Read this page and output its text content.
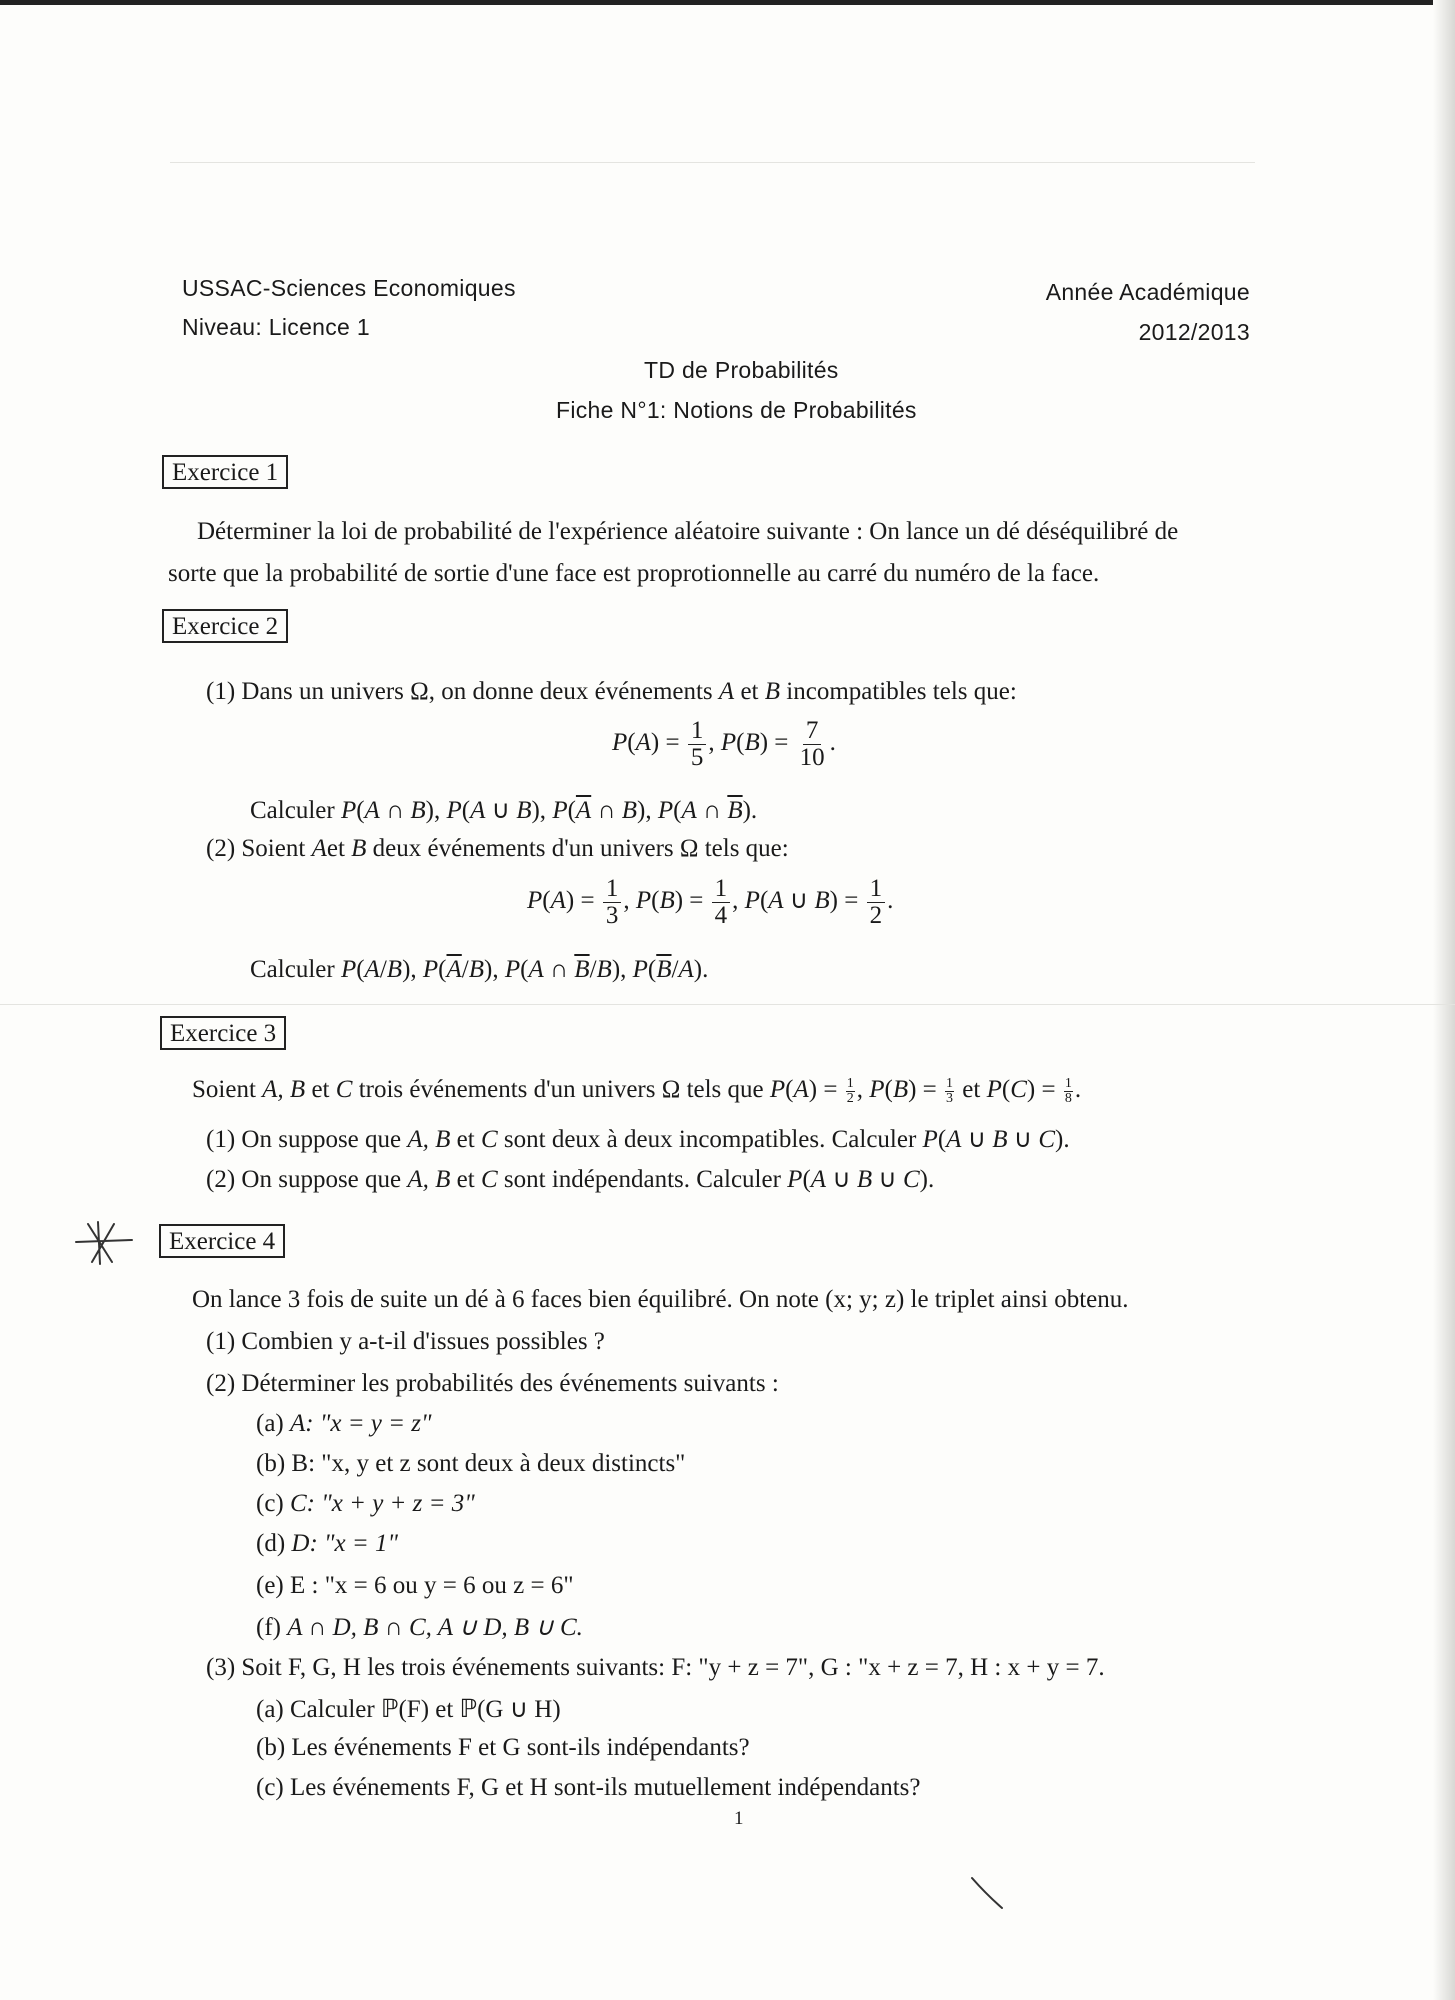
USSAC-Sciences Economiques
Niveau: Licence 1
Année Académique
2012/2013
TD de Probabilités
Fiche N°1: Notions de Probabilités
Exercice 1
Déterminer la loi de probabilité de l'expérience aléatoire suivante : On lance un dé déséquilibré de
sorte que la probabilité de sortie d'une face est proprotionnelle au carré du numéro de la face.
Exercice 2
(1) Dans un univers Ω, on donne deux événements A et B incompatibles tels que:
$P(A) = \frac{1}{5}$ , $P(B) = \frac{7}{10}$ .
Calculer P(A ∩ B), P(A ∪ B), $P(\overline{A}$ ∩ B), P(A ∩ $\overline{B}$).
(2) Soient Aet B deux événements d'un univers Ω tels que:
$P(A) = \frac{1}{3}$ , $P(B) = \frac{1}{4}$ , P(A ∪ $B) = \frac{1}{2}$ .
Calculer P(A/B), $P(\overline{A}/B)$, P(A ∩ $\overline{B}/B$), $P(\overline{B}/A)$.
Exercice 3
Soient A, B et C trois événements d'un univers Ω tels que $P(A) = \frac{1}{2}$ , $P(B) = \frac{1}{3}$ et $P(C) = \frac{1}{8}$ .
(1) On suppose que A, B et C sont deux à deux incompatibles. Calculer P(A ∪ B ∪ C).
(2) On suppose que A, B et C sont indépendants. Calculer P(A ∪ B ∪ C).
Exercice 4
On lance 3 fois de suite un dé à 6 faces bien équilibré. On note (x; y; z) le triplet ainsi obtenu.
(1) Combien y a-t-il d'issues possibles ?
(2) Déterminer les probabilités des événements suivants :
(a) A: "x = y = z"
(b) B: "x, y et z sont deux à deux distincts"
(c) C: "x + y + z = 3"
(d) D: "x = 1"
(e) E : "x = 6 ou y = 6 ou z = 6"
(f) A ∩ D, B ∩ C, A ∪ D, B ∪ C.
(3) Soit F, G, H les trois événements suivants: F: "y + z = 7", G : "x + z = 7, H : x + y = 7.
(a) Calculer ℙ(F) et ℙ(G ∪ H)
(b) Les événements F et G sont-ils indépendants?
(c) Les événements F, G et H sont-ils mutuellement indépendants?
1
